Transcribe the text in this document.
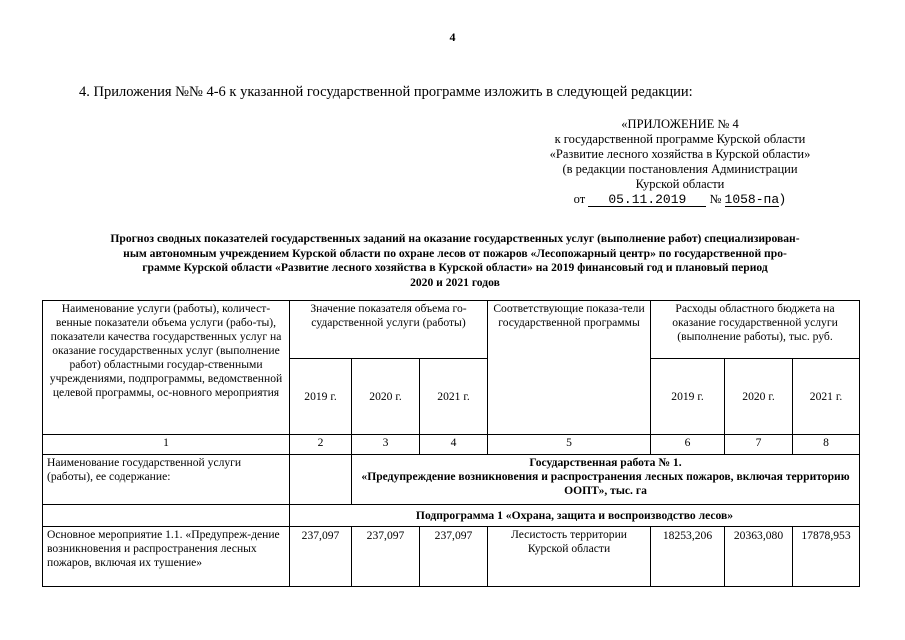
4
4. Приложения №№ 4-6 к указанной государственной программе изложить в следующей редакции:
«ПРИЛОЖЕНИЕ № 4
к государственной программе Курской области
«Развитие лесного хозяйства в Курской области»
(в редакции постановления Администрации
Курской области
от 05.11.2019 № 1058-па)
Прогноз сводных показателей государственных заданий на оказание государственных услуг (выполнение работ) специализирован-
ным автономным учреждением Курской области по охране лесов от пожаров «Лесопожарный центр» по государственной про-
грамме Курской области «Развитие лесного хозяйства в Курской области» на 2019 финансовый год и плановый период
2020 и 2021 годов
Наименование услуги (работы), количест-венные показатели объема услуги (рабо-ты), показатели качества государственных услуг на оказание государственных услуг (выполнение работ) областными государ-ственными учреждениями, подпрограммы, ведомственной целевой программы, ос-новного мероприятия	Значение показателя объема го-сударственной услуги (работы)			Соответствующие показа-тели государственной программы	Расходы областного бюджета на оказание государственной услуги (выполнение работы), тыс. руб.		
	2019 г.	2020 г.	2021 г.		2019 г.	2020 г.	2021 г.
1	2	3	4	5	6	7	8
Наименование государственной услуги (работы), ее содержание:		Государственная работа № 1.
«Предупреждение возникновения и распространения лесных пожаров, включая территорию ООПТ», тыс. га					

	Подпрограмма 1 «Охрана, защита и воспроизводство лесов»						
Основное мероприятие 1.1. «Предупреж-дение возникновения и распространения лесных пожаров, включая их тушение»	237,097	237,097	237,097	Лесистость территории Курской области	18253,206	20363,080	17878,953
